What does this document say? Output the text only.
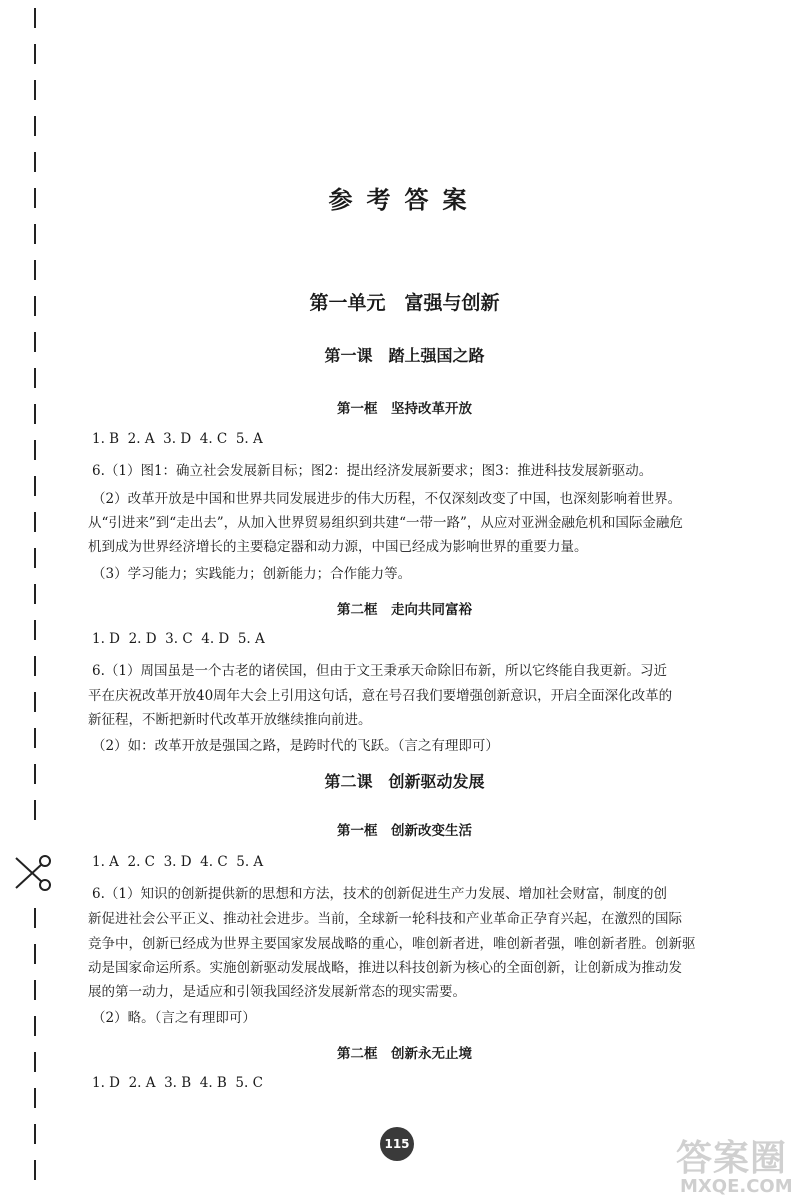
参考答案
第一单元　富强与创新
第一课　踏上强国之路
第一框　坚持改革开放
1. B  2. A  3. D  4. C  5. A
6.（1）图1：确立社会发展新目标；图2：提出经济发展新要求；图3：推进科技发展新驱动。
（2）改革开放是中国和世界共同发展进步的伟大历程，不仅深刻改变了中国，也深刻影响着世界。
从“引进来”到“走出去”，从加入世界贸易组织到共建“一带一路”，从应对亚洲金融危机和国际金融危
机到成为世界经济增长的主要稳定器和动力源，中国已经成为影响世界的重要力量。
（3）学习能力；实践能力；创新能力；合作能力等。
第二框　走向共同富裕
1. D  2. D  3. C  4. D  5. A
6.（1）周国虽是一个古老的诸侯国，但由于文王秉承天命除旧布新，所以它终能自我更新。习近
平在庆祝改革开放40周年大会上引用这句话，意在号召我们要增强创新意识，开启全面深化改革的
新征程，不断把新时代改革开放继续推向前进。
（2）如：改革开放是强国之路，是跨时代的飞跃。（言之有理即可）
第二课　创新驱动发展
第一框　创新改变生活
1. A  2. C  3. D  4. C  5. A
6.（1）知识的创新提供新的思想和方法，技术的创新促进生产力发展、增加社会财富，制度的创
新促进社会公平正义、推动社会进步。当前，全球新一轮科技和产业革命正孕育兴起，在激烈的国际
竞争中，创新已经成为世界主要国家发展战略的重心，唯创新者进，唯创新者强，唯创新者胜。创新驱
动是国家命运所系。实施创新驱动发展战略，推进以科技创新为核心的全面创新，让创新成为推动发
展的第一动力，是适应和引领我国经济发展新常态的现实需要。
（2）略。（言之有理即可）
第二框　创新永无止境
1. D  2. A  3. B  4. B  5. C
115	答案圈
MXQE.COM
